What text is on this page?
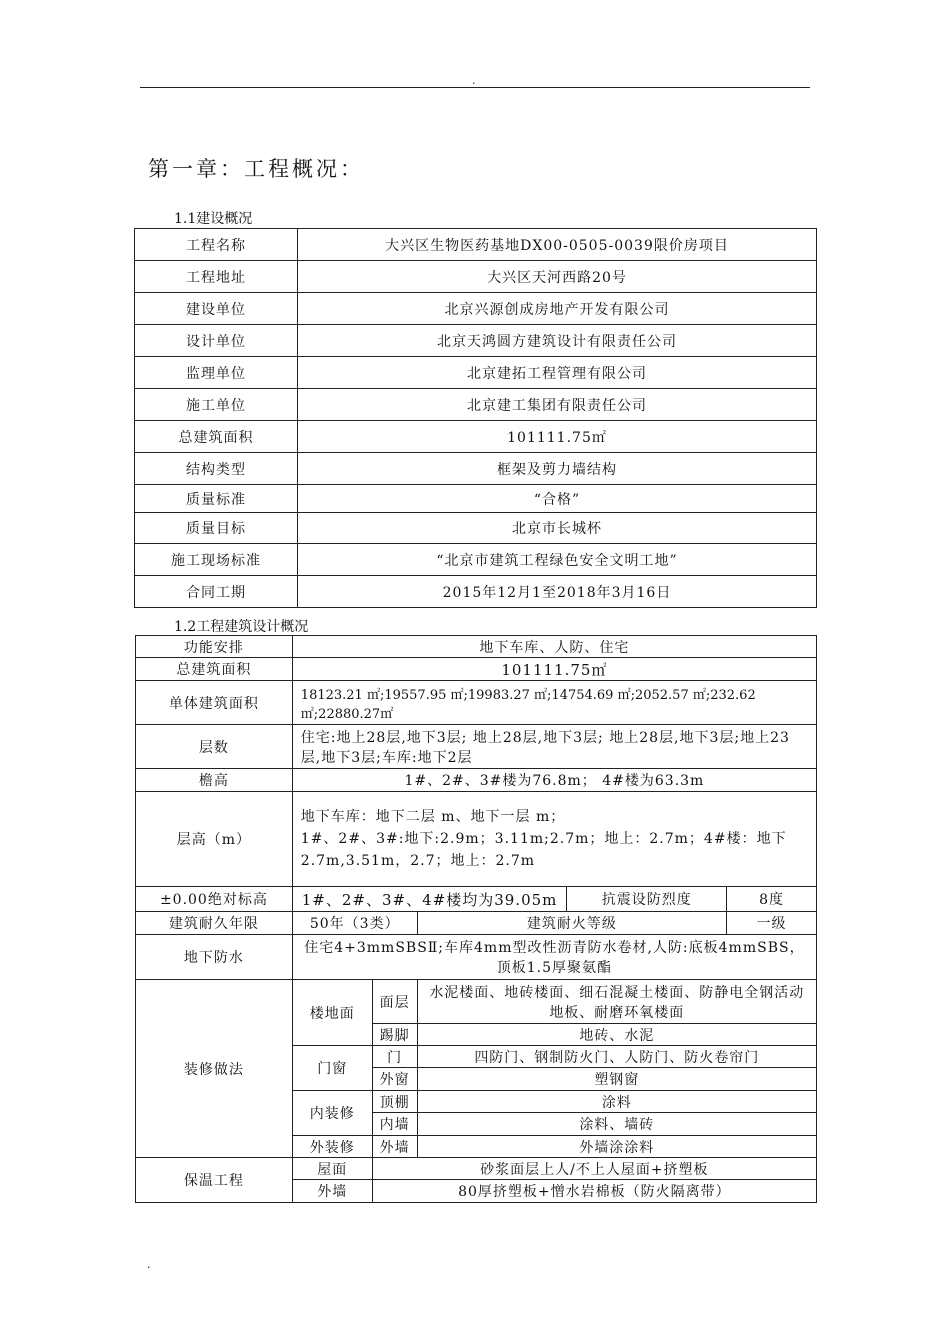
.
第一章：工程概况：
1.1建设概况
工程名称	大兴区生物医药基地DX00-0505-0039限价房项目
工程地址	大兴区天河西路20号
建设单位	北京兴源创成房地产开发有限公司
设计单位	北京天鸿圆方建筑设计有限责任公司
监理单位	北京建拓工程管理有限公司
施工单位	北京建工集团有限责任公司
总建筑面积	101111.75㎡
结构类型	框架及剪力墙结构
质量标准	“合格”
质量目标	北京市长城杯
施工现场标准	“北京市建筑工程绿色安全文明工地”
合同工期	2015年12月1至2018年3月16日
1.2工程建筑设计概况
功能安排	地下车库、人防、住宅				
总建筑面积	101111.75㎡				
单体建筑面积	18123.21 ㎡;19557.95 ㎡;19983.27 ㎡;14754.69 ㎡;2052.57 ㎡;232.62 ㎡;22880.27㎡				
层数	住宅:地上28层,地下3层; 地上28层,地下3层; 地上28层,地下3层;地上23层,地下3层;车库:地下2层				
檐高	1#、2#、3#楼为76.8m； 4#楼为63.3m				
层高（m）	地下车库：地下二层 m、地下一层 m；
1#、2#、3#:地下:2.9m；3.11m;2.7m；地上：2.7m；4#楼：地下
2.7m,3.51m，2.7；地上：2.7m				

±0.00绝对标高	1#、2#、3#、4#楼均为39.05m			抗震设防烈度	8度
建筑耐久年限	50年（3类）		建筑耐火等级		一级
地下防水	住宅4+3mmSBSⅡ;车库4mm型改性沥青防水卷材,人防:底板4mmSBS，顶板1.5厚聚氨酯				
装修做法	楼地面	面层	水泥楼面、地砖楼面、细石混凝土楼面、防静电全钢活动地板、耐磨环氧楼面		
		踢脚	地砖、水泥		
	门窗	门	四防门、钢制防火门、人防门、防火卷帘门		
		外窗	塑钢窗		
	内装修	顶棚	涂料		
		内墙	涂料、墙砖		
	外装修	外墙	外墙涂涂料		
保温工程	屋面	砂浆面层上人/不上人屋面+挤塑板			
	外墙	80厚挤塑板+憎水岩棉板（防火隔离带）			
.
